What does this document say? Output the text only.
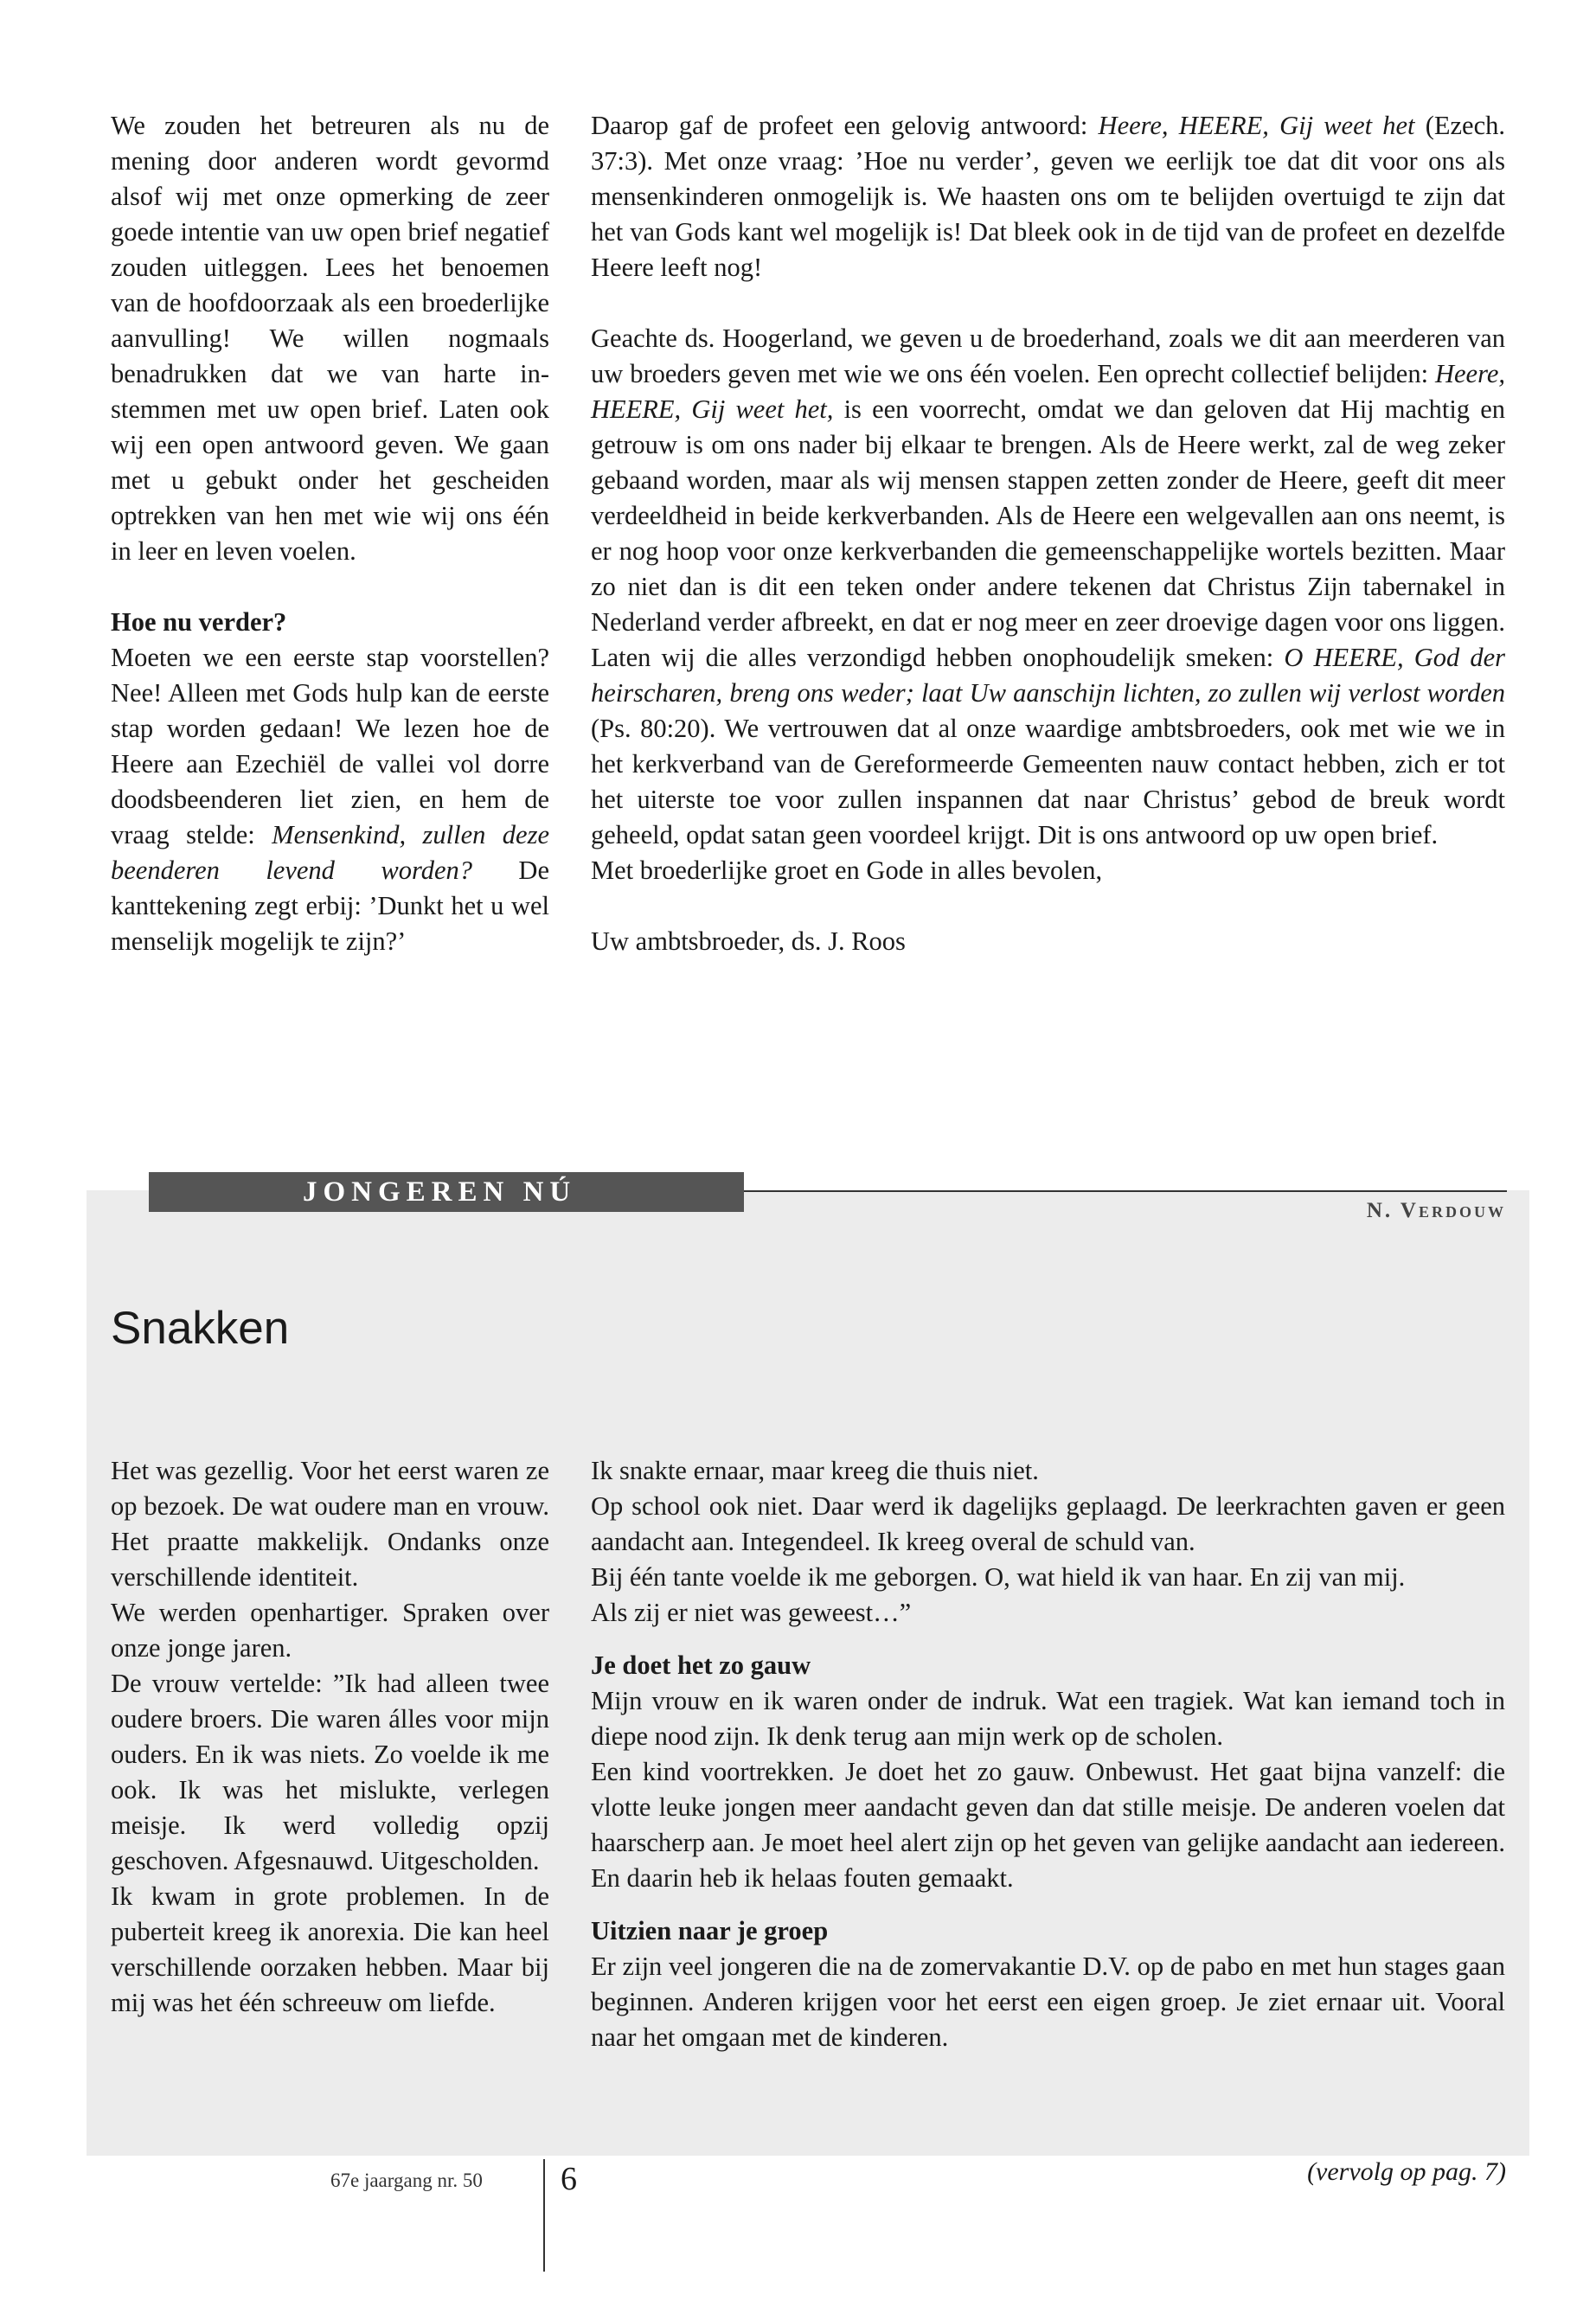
We zouden het betreuren als nu de mening door anderen wordt gevormd alsof wij met onze opmerking de zeer goede intentie van uw open brief negatief zouden uitleggen. Lees het benoemen van de hoofdoorzaak als een broederlijke aanvulling! We willen nogmaals benadrukken dat we van harte instemmen met uw open brief. Laten ook wij een open antwoord geven. We gaan met u gebukt onder het gescheiden optrekken van hen met wie wij ons één in leer en leven voelen.

Hoe nu verder?

Moeten we een eerste stap voorstellen? Nee! Alleen met Gods hulp kan de eerste stap worden gedaan! We lezen hoe de Heere aan Ezechiël de vallei vol dorre doodsbeenderen liet zien, en hem de vraag stelde: Mensenkind, zullen deze beenderen levend worden? De kanttekening zegt erbij: ’Dunkt het u wel menselijk mogelijk te zijn?’

Daarop gaf de profeet een gelovig antwoord: Heere, HEERE, Gij weet het (Ezech. 37:3). Met onze vraag: ’Hoe nu verder’, geven we eerlijk toe dat dit voor ons als mensenkinderen onmogelijk is. We haasten ons om te belijden overtuigd te zijn dat het van Gods kant wel mogelijk is! Dat bleek ook in de tijd van de profeet en dezelfde Heere leeft nog!

Geachte ds. Hoogerland, we geven u de broederhand, zoals we dit aan meerderen van uw broeders geven met wie we ons één voelen. Een oprecht collectief belijden: Heere, HEERE, Gij weet het, is een voorrecht, omdat we dan geloven dat Hij machtig en getrouw is om ons nader bij elkaar te brengen. Als de Heere werkt, zal de weg zeker gebaand worden, maar als wij mensen stappen zetten zonder de Heere, geeft dit meer verdeeldheid in beide kerkverbanden. Als de Heere een welgevallen aan ons neemt, is er nog hoop voor onze kerkverbanden die gemeenschappelijke wortels bezitten. Maar zo niet dan is dit een teken onder andere tekenen dat Christus Zijn tabernakel in Nederland verder afbreekt, en dat er nog meer en zeer droevige dagen voor ons liggen. Laten wij die alles verzondigd hebben onophoudelijk smeken: O HEERE, God der heirscharen, breng ons weder; laat Uw aanschijn lichten, zo zullen wij verlost worden (Ps. 80:20). We vertrouwen dat al onze waardige ambtsbroeders, ook met wie we in het kerkverband van de Gereformeerde Gemeenten nauw contact hebben, zich er tot het uiterste toe voor zullen inspannen dat naar Christus’ gebod de breuk wordt geheeld, opdat satan geen voordeel krijgt. Dit is ons antwoord op uw open brief.

Met broederlijke groet en Gode in alles bevolen,

Uw ambtsbroeder, ds. J. Roos

JONGEREN NÚ
N. Verdouw
Snakken

Het was gezellig. Voor het eerst waren ze op bezoek. De wat oudere man en vrouw. Het praatte makkelijk. Ondanks onze verschillende identiteit.

We werden openhartiger. Spraken over onze jonge jaren.

De vrouw vertelde: ”Ik had alleen twee oudere broers. Die waren álles voor mijn ouders. En ik was niets. Zo voelde ik me ook. Ik was het mislukte, verlegen meisje. Ik werd volledig opzij geschoven. Afgesnauwd. Uitgescholden.

Ik kwam in grote problemen. In de puberteit kreeg ik anorexia. Die kan heel verschillende oorzaken hebben. Maar bij mij was het één schreeuw om liefde.

Ik snakte ernaar, maar kreeg die thuis niet.

Op school ook niet. Daar werd ik dagelijks geplaagd. De leerkrachten gaven er geen aandacht aan. Integendeel. Ik kreeg overal de schuld van.

Bij één tante voelde ik me geborgen. O, wat hield ik van haar. En zij van mij.

Als zij er niet was geweest…”

Je doet het zo gauw

Mijn vrouw en ik waren onder de indruk. Wat een tragiek. Wat kan iemand toch in diepe nood zijn. Ik denk terug aan mijn werk op de scholen.

Een kind voortrekken. Je doet het zo gauw. Onbewust. Het gaat bijna vanzelf: die vlotte leuke jongen meer aandacht geven dan dat stille meisje. De anderen voelen dat haarscherp aan. Je moet heel alert zijn op het geven van gelijke aandacht aan iedereen. En daarin heb ik helaas fouten gemaakt.

Uitzien naar je groep

Er zijn veel jongeren die na de zomervakantie D.V. op de pabo en met hun stages gaan beginnen. Anderen krijgen voor het eerst een eigen groep. Je ziet ernaar uit. Vooral naar het omgaan met de kinderen.

(vervolg op pag. 7)
67e jaargang nr. 50 6
